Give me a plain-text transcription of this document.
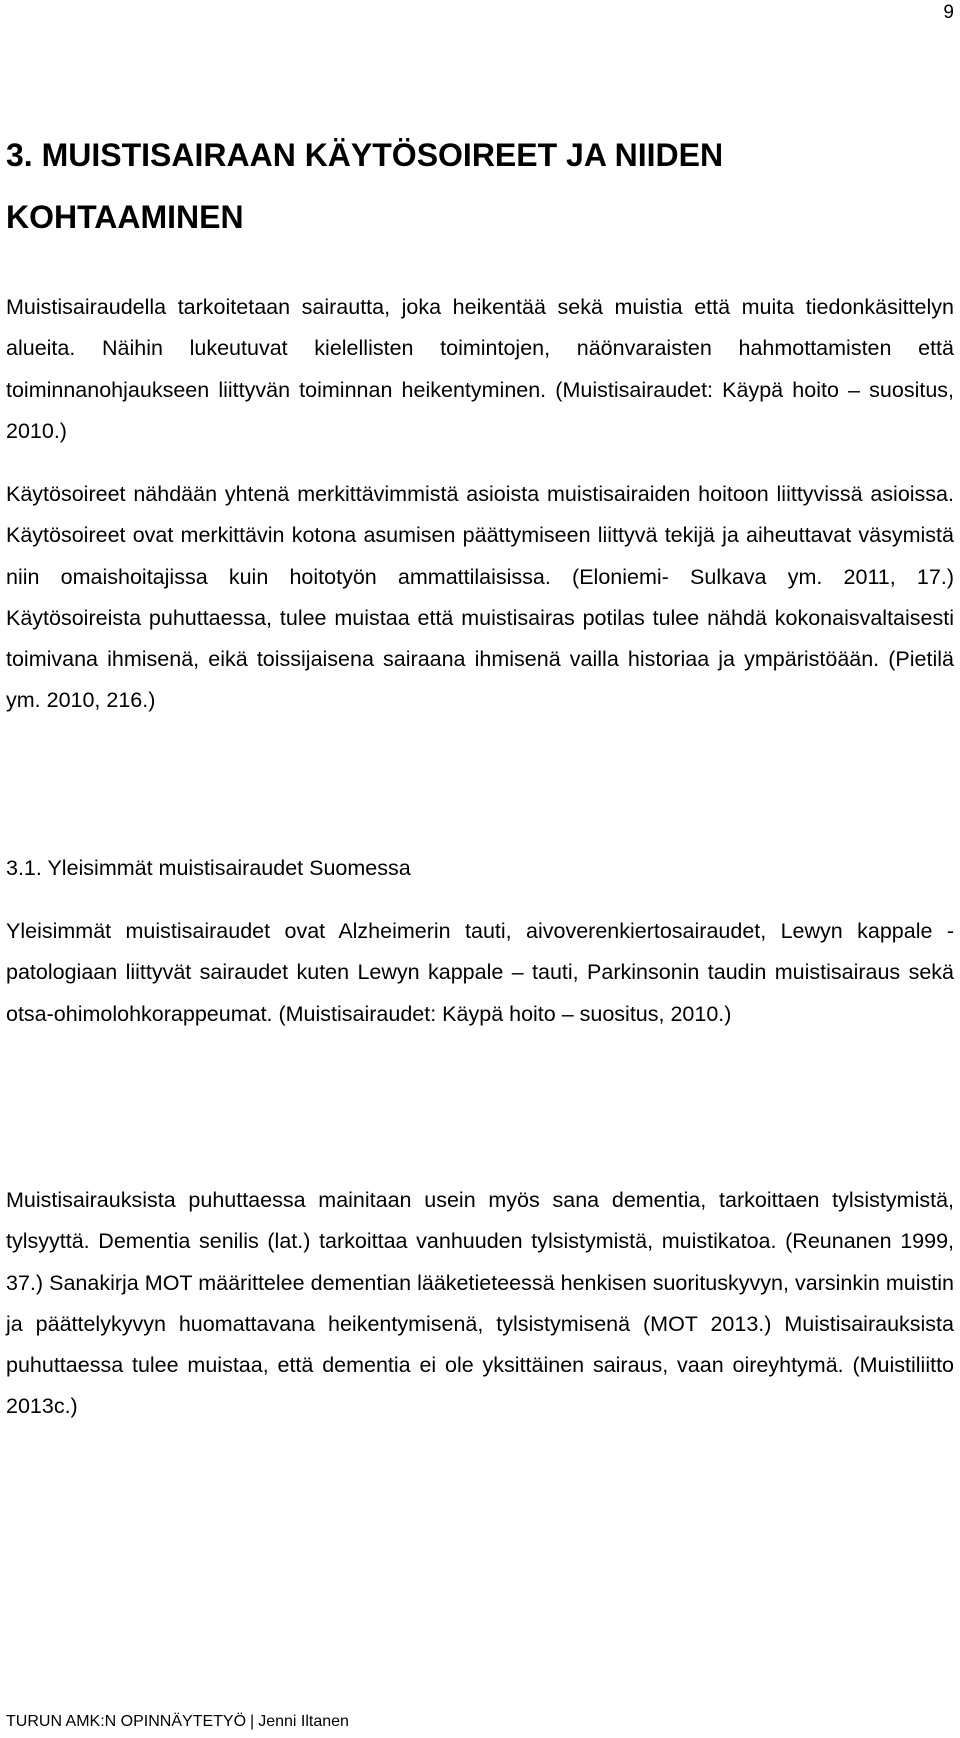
9
3. MUISTISAIRAAN KÄYTÖSOIREET JA NIIDEN KOHTAAMINEN

Muistisairaudella tarkoitetaan sairautta, joka heikentää sekä muistia että muita tiedonkäsittelyn alueita. Näihin lukeutuvat kielellisten toimintojen, näönvaraisten hahmottamisten että toiminnanohjaukseen liittyvän toiminnan heikentyminen. (Muistisairaudet: Käypä hoito – suositus, 2010.)

Käytösoireet nähdään yhtenä merkittävimmistä asioista muistisairaiden hoitoon liittyvissä asioissa. Käytösoireet ovat merkittävin kotona asumisen päättymiseen liittyvä tekijä ja aiheuttavat väsymistä niin omaishoitajissa kuin hoitotyön ammattilaisissa. (Eloniemi- Sulkava ym. 2011, 17.) Käytösoireista puhuttaessa, tulee muistaa että muistisairas potilas tulee nähdä kokonaisvaltaisesti toimivana ihmisenä, eikä toissijaisena sairaana ihmisenä vailla historiaa ja ympäristöään. (Pietilä ym. 2010, 216.)

3.1. Yleisimmät muistisairaudet Suomessa

Yleisimmät muistisairaudet ovat Alzheimerin tauti, aivoverenkiertosairaudet, Lewyn kappale -patologiaan liittyvät sairaudet kuten Lewyn kappale – tauti, Parkinsonin taudin muistisairaus sekä otsa-ohimolohkorappeumat. (Muistisairaudet: Käypä hoito – suositus, 2010.)

Muistisairauksista puhuttaessa mainitaan usein myös sana dementia, tarkoittaen tylsistymistä, tylsyyttä. Dementia senilis (lat.) tarkoittaa vanhuuden tylsistymistä, muistikatoa. (Reunanen 1999, 37.) Sanakirja MOT määrittelee dementian lääketieteessä henkisen suorituskyvyn, varsinkin muistin ja päättelykyvyn huomattavana heikentymisenä, tylsistymisenä (MOT 2013.) Muistisairauksista puhuttaessa tulee muistaa, että dementia ei ole yksittäinen sairaus, vaan oireyhtymä. (Muistiliitto 2013c.)

TURUN AMK:N OPINNÄYTETYÖ | Jenni Iltanen
